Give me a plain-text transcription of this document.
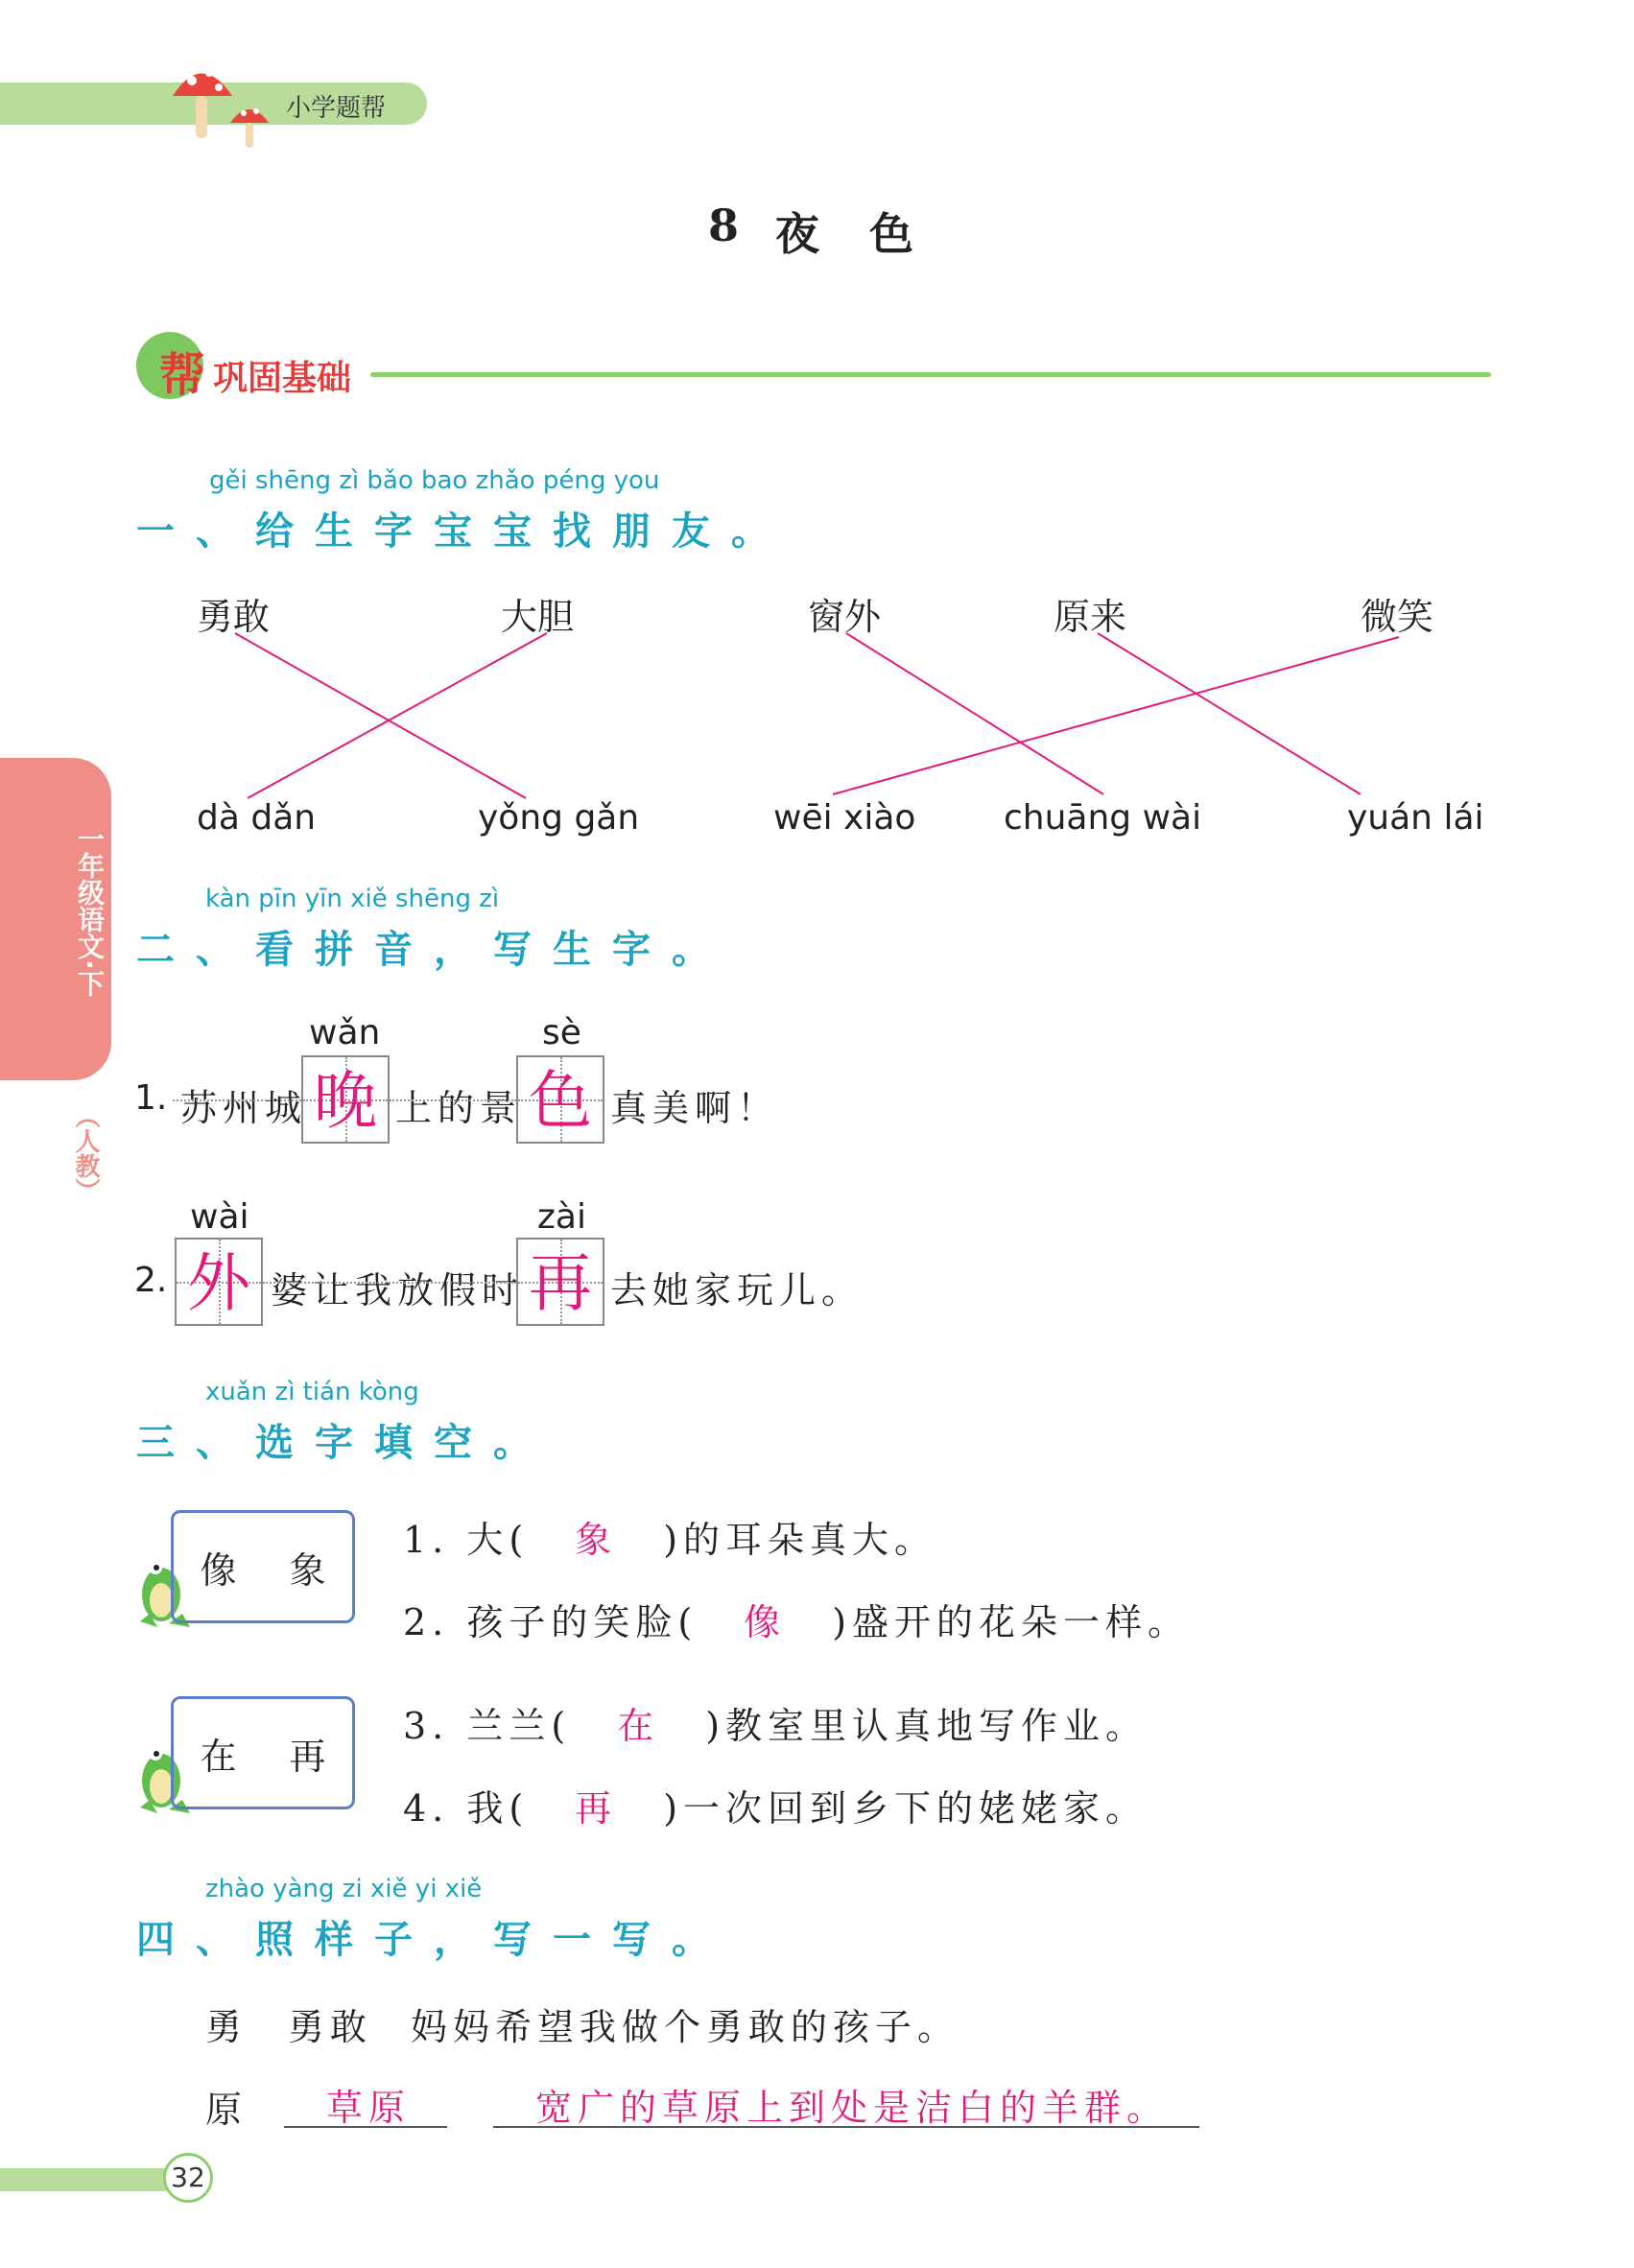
小学题帮
8 夜 色
帮 巩固基础
一年级语文·下
（人教）
gěi shēng zì bǎo bao zhǎo péng you
一、给生字宝宝找朋友。
勇敢	大胆	窗外	原来	微笑
dà dǎn	yǒng gǎn	wēi xiào	chuāng wài	yuán lái
kàn pīn yīn xiě shēng zì
二、看拼音，写生字。
1. 苏州城
wǎn
晚 上的景
sè
色 真美啊！
2.
wài
外 婆让我放假时
zài
再 去她家玩儿。
xuǎn zì tián kòng
三、选字填空。
像 象
在 再
1. 大( 象 )的耳朵真大。
2. 孩子的笑脸( 像 )盛开的花朵一样。
3. 兰兰( 在 )教室里认真地写作业。
4. 我( 再 )一次回到乡下的姥姥家。
zhào yàng zi xiě yi xiě
四、照样子，写一写。
勇 勇敢 妈妈希望我做个勇敢的孩子。
原 草原	宽广的草原上到处是洁白的羊群。
32
